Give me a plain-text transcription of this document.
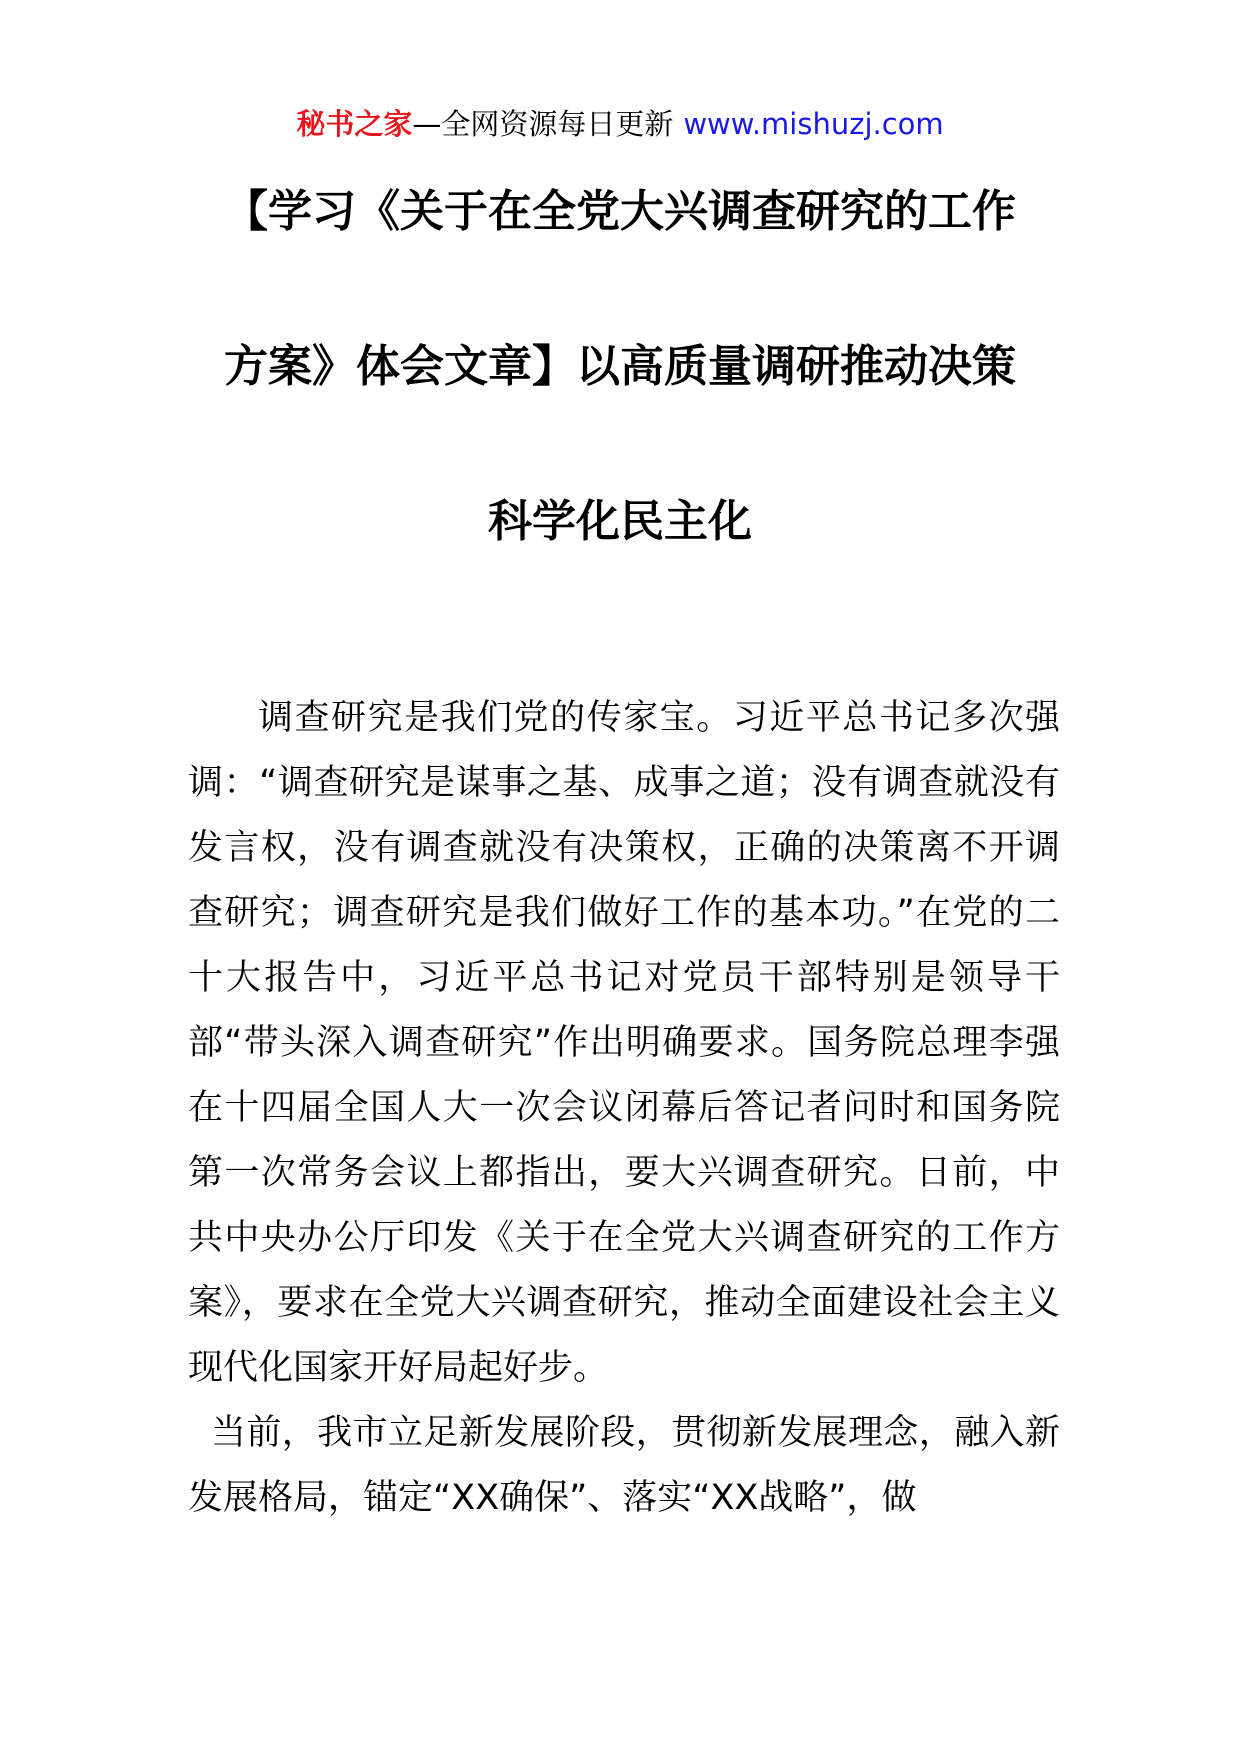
秘书之家—全网资源每日更新 www.mishuzj.com
【学习《关于在全党大兴调查研究的工作
方案》体会文章】以高质量调研推动决策
科学化民主化

调查研究是我们党的传家宝。习近平总书记多次强调：“调查研究是谋事之基、成事之道；没有调查就没有发言权，没有调查就没有决策权，正确的决策离不开调查研究；调查研究是我们做好工作的基本功。”在党的二十大报告中，习近平总书记对党员干部特别是领导干部“带头深入调查研究”作出明确要求。国务院总理李强在十四届全国人大一次会议闭幕后答记者问时和国务院第一次常务会议上都指出，要大兴调查研究。日前，中共中央办公厅印发《关于在全党大兴调查研究的工作方案》，要求在全党大兴调查研究，推动全面建设社会主义现代化国家开好局起好步。

当前，我市立足新发展阶段，贯彻新发展理念，融入新发展格局，锚定“XX确保”、落实“XX战略”，做
